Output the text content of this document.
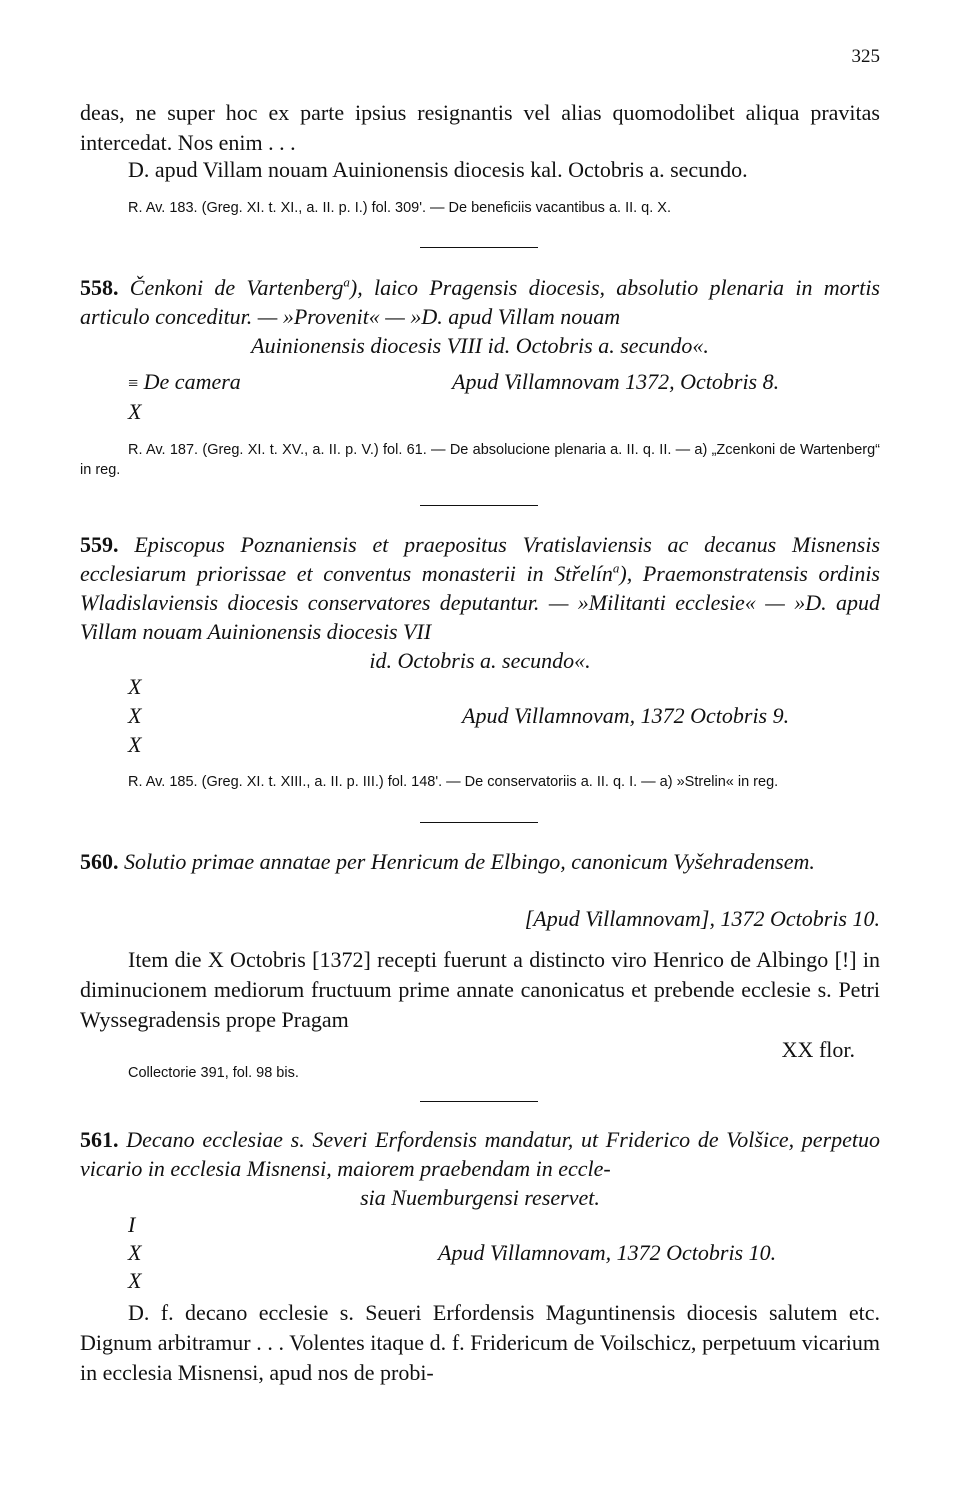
325
deas, ne super hoc ex parte ipsius resignantis vel alias quomodolibet aliqua pravitas intercedat. Nos enim . . .
D. apud Villam nouam Auinionensis diocesis kal. Octobris a. secundo.
R. Av. 183. (Greg. XI. t. XI., a. II. p. I.) fol. 309'. — De beneficiis vacantibus a. II. q. X.
558. Čenkoni de Vartenberg$^a$), laico Pragensis diocesis, absolutio plenaria in mortis articulo conceditur. — »Provenit« — »D. apud Villam nouam
Auinionensis diocesis VIII id. Octobris a. secundo«.
≡ De camera	Apud Villamnovam 1372, Octobris 8.
X
R. Av. 187. (Greg. XI. t. XV., a. II. p. V.) fol. 61. — De absolucione plenaria a. II. q. II. — a) „Zcenkoni de Wartenberg“ in reg.
559. Episcopus Poznaniensis et praepositus Vratislaviensis ac decanus Misnensis ecclesiarum priorissae et conventus monasterii in Střelín$^a$), Praemonstratensis ordinis Wladislaviensis diocesis conservatores deputantur. — »Militanti ecclesie« — »D. apud Villam nouam Auinionensis diocesis VII
id. Octobris a. secundo«.
X
X	Apud Villamnovam, 1372 Octobris 9.
X
R. Av. 185. (Greg. XI. t. XIII., a. II. p. III.) fol. 148'. — De conservatoriis a. II. q. I. — a) »Strelin« in reg.
560. Solutio primae annatae per Henricum de Elbingo, canonicum Vyšehradensem.
[Apud Villamnovam], 1372 Octobris 10.
Item die X Octobris [1372] recepti fuerunt a distincto viro Henrico de Albingo [!] in diminucionem mediorum fructuum prime annate canonicatus et prebende ecclesie s. Petri Wyssegradensis prope Pragam
XX flor.
Collectorie 391, fol. 98 bis.
561. Decano ecclesiae s. Severi Erfordensis mandatur, ut Friderico de Volšice, perpetuo vicario in ecclesia Misnensi, maiorem praebendam in eccle-
sia Nuemburgensi reservet.
I
X	Apud Villamnovam, 1372 Octobris 10.
X
D. f. decano ecclesie s. Seueri Erfordensis Maguntinensis diocesis salutem etc. Dignum arbitramur . . . Volentes itaque d. f. Fridericum de Voilschicz, perpetuum vicarium in ecclesia Misnensi, apud nos de probi-
